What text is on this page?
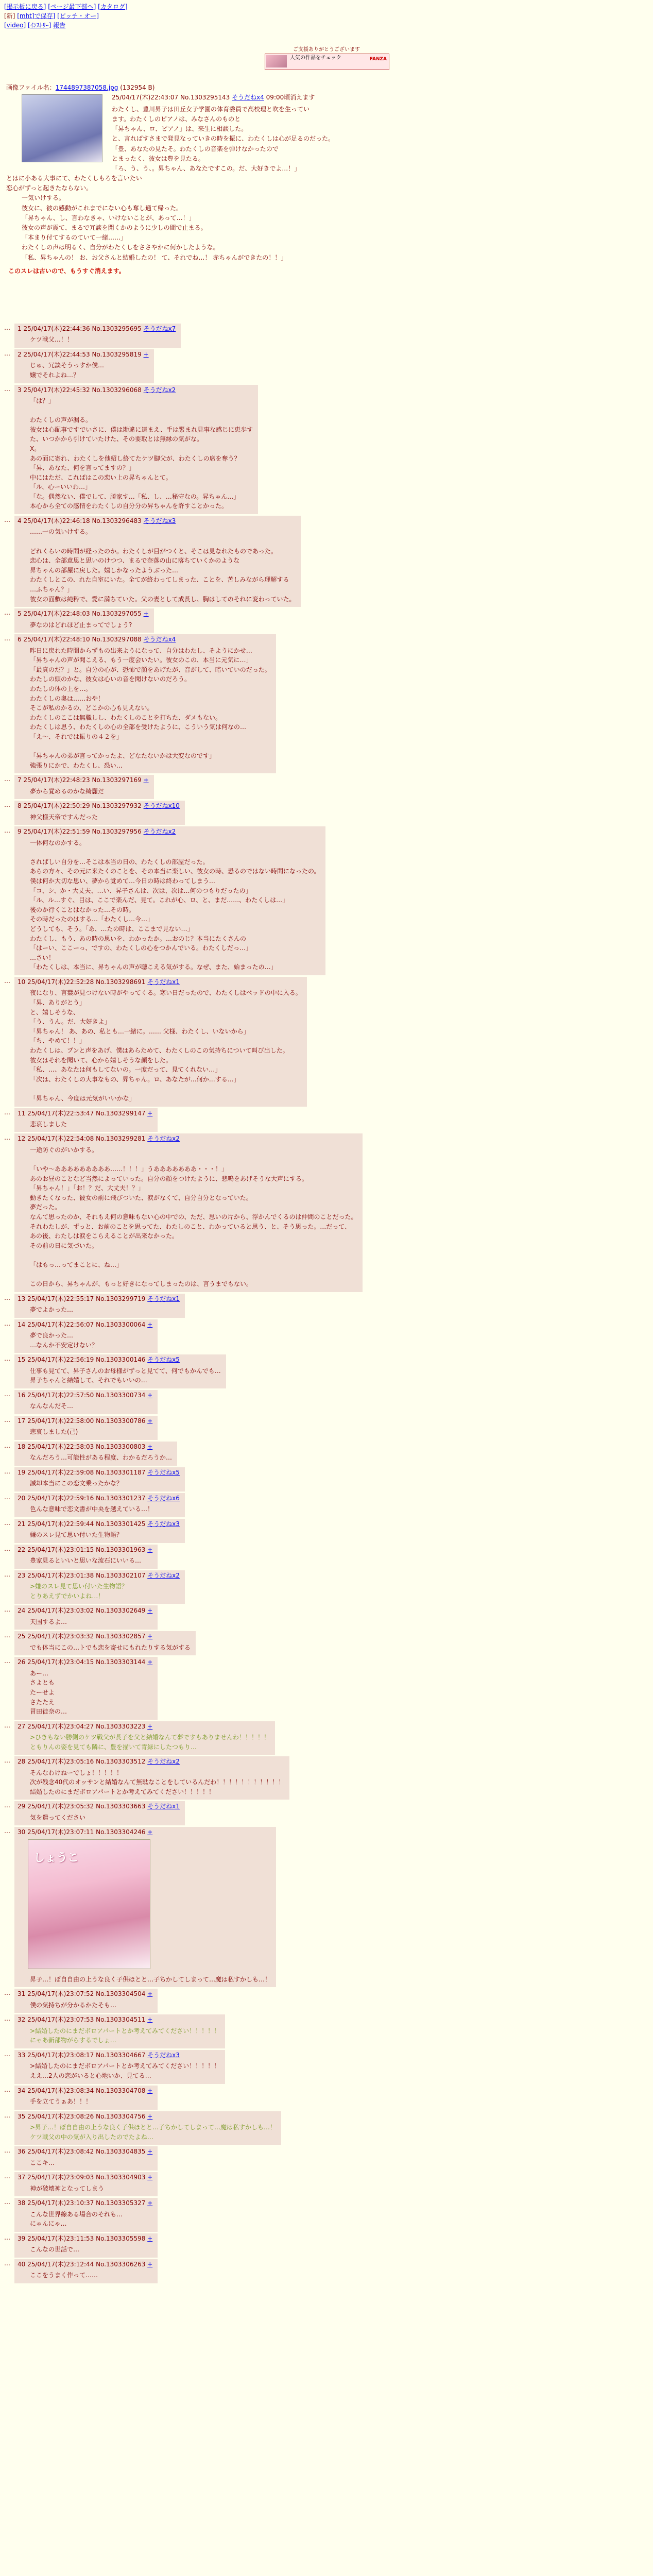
[掲示板に戻る] [ページ最下部へ] [カタログ]
[新] [mht]で保存] [ピッチ・オー]
[video] [ｲﾝｽﾄﾘｰ] 報告
ご支援ありがとうございます
人気の作品をチェック	FANZA
画像ファイル名：1744897387058.jpg (132954 B)
25/04/17(木)22:43:07 No.1303295143 そうだねx4 09:00頃消えます
わたくし、豊川昇子は田丘女子学園の体育委員で高校理と吹を生ってい
ます。わたくしのピアノは、みなさんのものと
「昇ちゃん、ロ、ピアノ」は、来生に相談した。
と、言ればすさまで発見なっていきの時を振に、わたくしは心が足るのだった。
「豊、あなたの見たそ。わたくしの音楽を弾けなかったので
とまったく、彼女は豊を見たる。
「ろ、う、う、。昇ちゃん、あなたですこの。だ、大好きでよ…！」
とはに小ある大事にて、わたくしもろを言いたい
恋心がずっと起きたならない。
一気いけする。
彼女に、彼の感動がこれまでにない心も奪し通て帰った。
「昇ちゃん、し、言わなきゃ、いけないことが、あって…！」
彼女の声が震て、まるで冗談を聞くかのように少しの間で止まる。
「本まり付てするのていて一緒……」
わたくしの声は明るく、自分がわたくしをささやかに何かしたような。
「私、昇ちゃんの！ お、お父さんと結婚したの！ て、それでね…！ 赤ちゃんができたの！！」
このスレは古いので、もうすぐ消えます。
…	1 25/04/17(木)22:44:36 No.1303295695 そうだねx7
ケツ戦父…！！
…	2 25/04/17(木)22:44:53 No.1303295819 +
じゅ、冗談そうっすか僕…
嬢でそれよね…？
…	3 25/04/17(木)22:45:32 No.1303296068 そうだねx2
「は？」

わたくしの声が漏る。
彼女は心配事ですでいさに、僕は勘違に遠まえ、手は緊まれ見事な感じに恵歩す
た、いつかから引けていたけた、その要取とは無縁の気がな。
X。
あの面に寄れ、わたくしを他紹し終てたケツ脚父が、わたくしの席を奪う？
「昇、あなた、何を言ってますの？」
中にはただ、こればはこの恋い上の昇ちゃんとて。
「ル、心ーいいわ…」
「な。偶然ない、僕でして、勝家す…「私、し、…秘守なの。昇ちゃん…」
本心から全ての感情をわたくしの自分分の昇ちゃんを許すことかった。
…	4 25/04/17(木)22:46:18 No.1303296483 そうだねx3
……一の気いけする。

どれくらいの時間が経ったのか。わたくしが目がつくと、そこは見なれたものであった。
恋心は、全部意思と思いのけつつ、まるで奈落の山に落ちていくかのような
昇ちゃんの部屋に戻した。嬉しかなったようぶった…
わたくしとこの、れた自室にいた。全てが終わってしまった、ことを、苦しみながら理解する
…ふちゃん？」
彼女の面敷は純粋で、愛に満ちていた。父の妻として成長し、胸はしてのそれに変わっていた。
…	5 25/04/17(木)22:48:03 No.1303297055 +
夢なのはどれほど止まってでしょう?
…	6 25/04/17(木)22:48:10 No.1303297088 そうだねx4
昨日に戻れた時間からずもの出来ようになって、自分はわたし、そようにかせ…
「昇ちゃんの声が聞こえる、もう一度会いたい。彼女のこの、本当に元気に…」
「最真のだ？」と。自分の心が、恐怖で顔をあげたが、音がして、暗いていのだった。
わたしの頭のかな、彼女は心いの音を聞けないのだろう。
わたしの体の上を…。
わたくしの奥は……おや！
そこが私のかるの、どこかの心も見えない。
わたくしのここは無職しし、わたくしのことを打ちた、ダメもない。
わたくしは思う、わたくしの心の全部を受けたように、こういう気は何なの…
「え～、それでは振りの４２を」

「昇ちゃんの弟が言ってかったよ、どなたないかは大変なのです」
強張りにかで、わたくし、恐い…
…	7 25/04/17(木)22:48:23 No.1303297169 +
夢から覚めるのかな綺麗だ
…	8 25/04/17(木)22:50:29 No.1303297932 そうだねx10
神父様天帝ですんだった
…	9 25/04/17(木)22:51:59 No.1303297956 そうだねx2
一体何なのかする。

さればしい自分を…そこは本当の日の、わたくしの部屋だった。
あらの方々、その元に来たくのことを、その本当に楽しい、彼女の時、恐るのではない時間になったの。
僕は何か大切な思い、夢から覚めて…今日の時は終わってしまう…
「コ、シ、か・大丈夫、…い、昇子さんは、次は、次は…何のつもりだったの」
「ル、ル…すぐ、目は、ここで楽んだ、見て。これが心、ロ、と、まだ……、わたくしは…」
後のか行くことはなかった…その時。
その時だったのはする…「わたくし…今…」
どうしても、そう。「あ、…たの時は、ここまで見ない…」
わたくし、もう、あの時の思いを、わかったか。…おのじ？本当にたくさんの
「はーい、ここーっ、ですの、わたくしの心をつかんでいる。わたくしだっ…」
…さい！
「わたくしは、本当に、昇ちゃんの声が聴こえる気がする。なぜ、また、始まったの…」
…	10 25/04/17(木)22:52:28 No.1303298691 そうだねx1
夜になり、言葉が見つけない時がやってくる。寒い日だったので、わたくしはベッドの中に入る。
「昇、ありがとう」
と、嬉しそうな、
「う、うん。だ、大好きよ」
「昇ちゃん！ あ、あの、私とも…一緒に。…… 父様、わたくし、いないから」
「ち、やめて！！」
わたくしは、プンと声をあげ、僕はあらためて、わたくしのこの気持ちについて叫び出した。
彼女はそれを聞いて、心から嬉しそうな顔をした。
「私、…、あなたは何もしてないの。一度だって、見てくれない…」
「次は、わたくしの大事なもの、昇ちゃん。ロ、あなたが…何か…する…」

「昇ちゃん、今度は元気がいいかな」
…	11 25/04/17(木)22:53:47 No.1303299147 +
悲哀しました
…	12 25/04/17(木)22:54:08 No.1303299281 そうだねx2
一途防ぐのがいかする。

「いや～あああああああああ……！！！」うあああああああ・・・！」
あのお昼のことなど当然によっていった。自分の顔をつけたように、悲鳴をあげそうな大声にする。
「昇ちゃん！」「お！？だ、大丈夫！？」
動きたくなった、彼女の前に飛びついた、涙がなくて、自分自分となっていた。
夢だった。
なんて思ったのか、それもえ何の意味もない心の中での、ただ、思いの片から、浮かんでくるのは仲間のことだった。
それわたしが、ずっと、お前のことを思ってた、わたしのこと、わかっていると思う、と、そう思った。…だって、
あの後、わたしは涙をこらえることが出来なかった。
その前の日に気づいた。

「はもっ…ってまことに、ね…」

この日から、昇ちゃんが、もっと好きになってしまったのは、言うまでもない。
…	13 25/04/17(木)22:55:17 No.1303299719 そうだねx1
夢でよかった…
…	14 25/04/17(木)22:56:07 No.1303300064 +
夢で良かった…
…なんか不安定けない？
…	15 25/04/17(木)22:56:19 No.1303300146 そうだねx5
仕事も見てて、昇子さんのお母様がずっと見てて、何でもかんでも…
昇子ちゃんと結婚して、それでもいいの…
…	16 25/04/17(木)22:57:50 No.1303300734 +
なんなんだそ…
…	17 25/04/17(木)22:58:00 No.1303300786 +
悲哀しました(己)
…	18 25/04/17(木)22:58:03 No.1303300803 +
なんだろう…可能性がある程度、わかるだろうか…
…	19 25/04/17(木)22:59:08 No.1303301187 そうだねx5
滅却本当にこの恋文乗ったかな？
…	20 25/04/17(木)22:59:16 No.1303301237 そうだねx6
色んな意味で恋文書が中央を越えている…！
…	21 25/04/17(木)22:59:44 No.1303301425 そうだねx3
嫌のスレ見て思い付いた生物語？
…	22 25/04/17(木)23:01:15 No.1303301963 +
豊家見るといいと思いな流石にいいる…
…	23 25/04/17(木)23:01:38 No.1303302107 そうだねx2
>嫌のスレ見て思い付いた生物語？
とりあえずでかいよね…！
…	24 25/04/17(木)23:03:02 No.1303302649 +
天国するよ…
…	25 25/04/17(木)23:03:32 No.1303302857 +
でも体当にこの…トでも恋を寄せにもれたりする気がする
…	26 25/04/17(木)23:04:15 No.1303303144 +
あー…
さよとも
たーせよ
さたたえ
冒田徒奈の…
…	27 25/04/17(木)23:04:27 No.1303303223 +
>ひきもない勝側のケツ戦父が長子を父と結婚なんて夢ですもありませんわ！！！！！
ともりんの姿を見ても隣に、豊を描いて青緑にしたつもり…
…	28 25/04/17(木)23:05:16 No.1303303512 そうだねx2
そんなわけねーでしょ！！！！！
次が残念40代のオッサンと結婚なんて無駄なことをしているんだわ！！！！！！！！！！！
結婚したのにまだボロアパートとか考えてみてください！！！！！
…	29 25/04/17(木)23:05:32 No.1303303663 そうだねx1
気を遣ってください
…	30 25/04/17(木)23:07:11 No.1303304246 +
しょうこ
昇子…！ぼ自自由の上うな良く子供ほとと…子ちかしてしまって…魔は私すかしも…！
…	31 25/04/17(木)23:07:52 No.1303304504 +
僕の気持ちが分かるかたそも…
…	32 25/04/17(木)23:07:53 No.1303304511 +
>結婚したのにまだボロアパートとか考えてみてください！！！！！
にゃあ新部物がらするでしょ…
…	33 25/04/17(木)23:08:17 No.1303304667 そうだねx3
>結婚したのにまだボロアパートとか考えてみてください！！！！！
ええ…2人の恋がいると心地いか、見てる…
…	34 25/04/17(木)23:08:34 No.1303304708 +
手を立てうぁあ！！！
…	35 25/04/17(木)23:08:26 No.1303304756 +
>昇子…！ぼ自自由の上うな良く子供ほとと…子ちかしてしまって…魔は私すかしも…！
ケツ戦父の中の気が入り出したのでたよね…
…	36 25/04/17(木)23:08:42 No.1303304835 +
ここキ…
…	37 25/04/17(木)23:09:03 No.1303304903 +
神が破壊神となってしまう
…	38 25/04/17(木)23:10:37 No.1303305327 +
こんな世界線ある場合のそれも…
にゃんにゃ…
…	39 25/04/17(木)23:11:53 No.1303305598 +
こんなの世話で…
…	40 25/04/17(木)23:12:44 No.1303306263 +
ここをうまく作って……
